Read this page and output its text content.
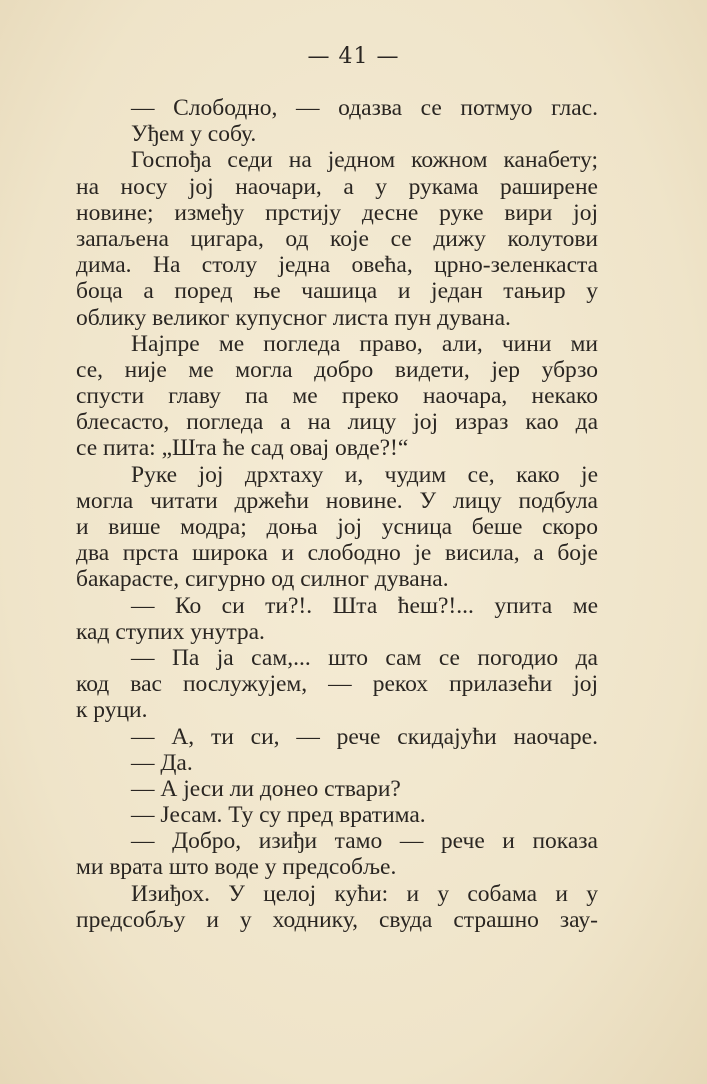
— 41 —
— Слободно, — одазва се потмуо глас.
Уђем у собу.
Госпођа седи на једном кожном канабету;
на носу јој наочари, а у рукама раширене
новине; између прстију десне руке вири јој
запаљена цигара, од које се дижу колутови
дима. На столу једна овећа, црно-зеленкаста
боца а поред ње чашица и један тањир у
облику великог купусног листа пун дувана.
Најпре ме погледа право, али, чини ми
се, није ме могла добро видети, јер убрзо
спусти главу па ме преко наочара, некако
блесасто, погледа а на лицу јој израз као да
се пита: „Шта ће сад овај овде?!“
Руке јој дрхтаху и, чудим се, како је
могла читати држећи новине. У лицу подбула
и више модра; доња јој усница беше скоро
два прста широка и слободно је висила, а боје
бакарасте, сигурно од силног дувана.
— Ко си ти?!. Шта ћеш?!... упита ме
кад ступих унутра.
— Па ја сам,... што сам се погодио да
код вас послужујем, — рекох прилазећи јој
к руци.
— А, ти си, — рече скидајући наочаре.
— Да.
— А јеси ли донео ствари?
— Јесам. Ту су пред вратима.
— Добро, изиђи тамо — рече и показа
ми врата што воде у предсобље.
Изиђох. У целој кући: и у собама и у
предсобљу и у ходнику, свуда страшно зау-
